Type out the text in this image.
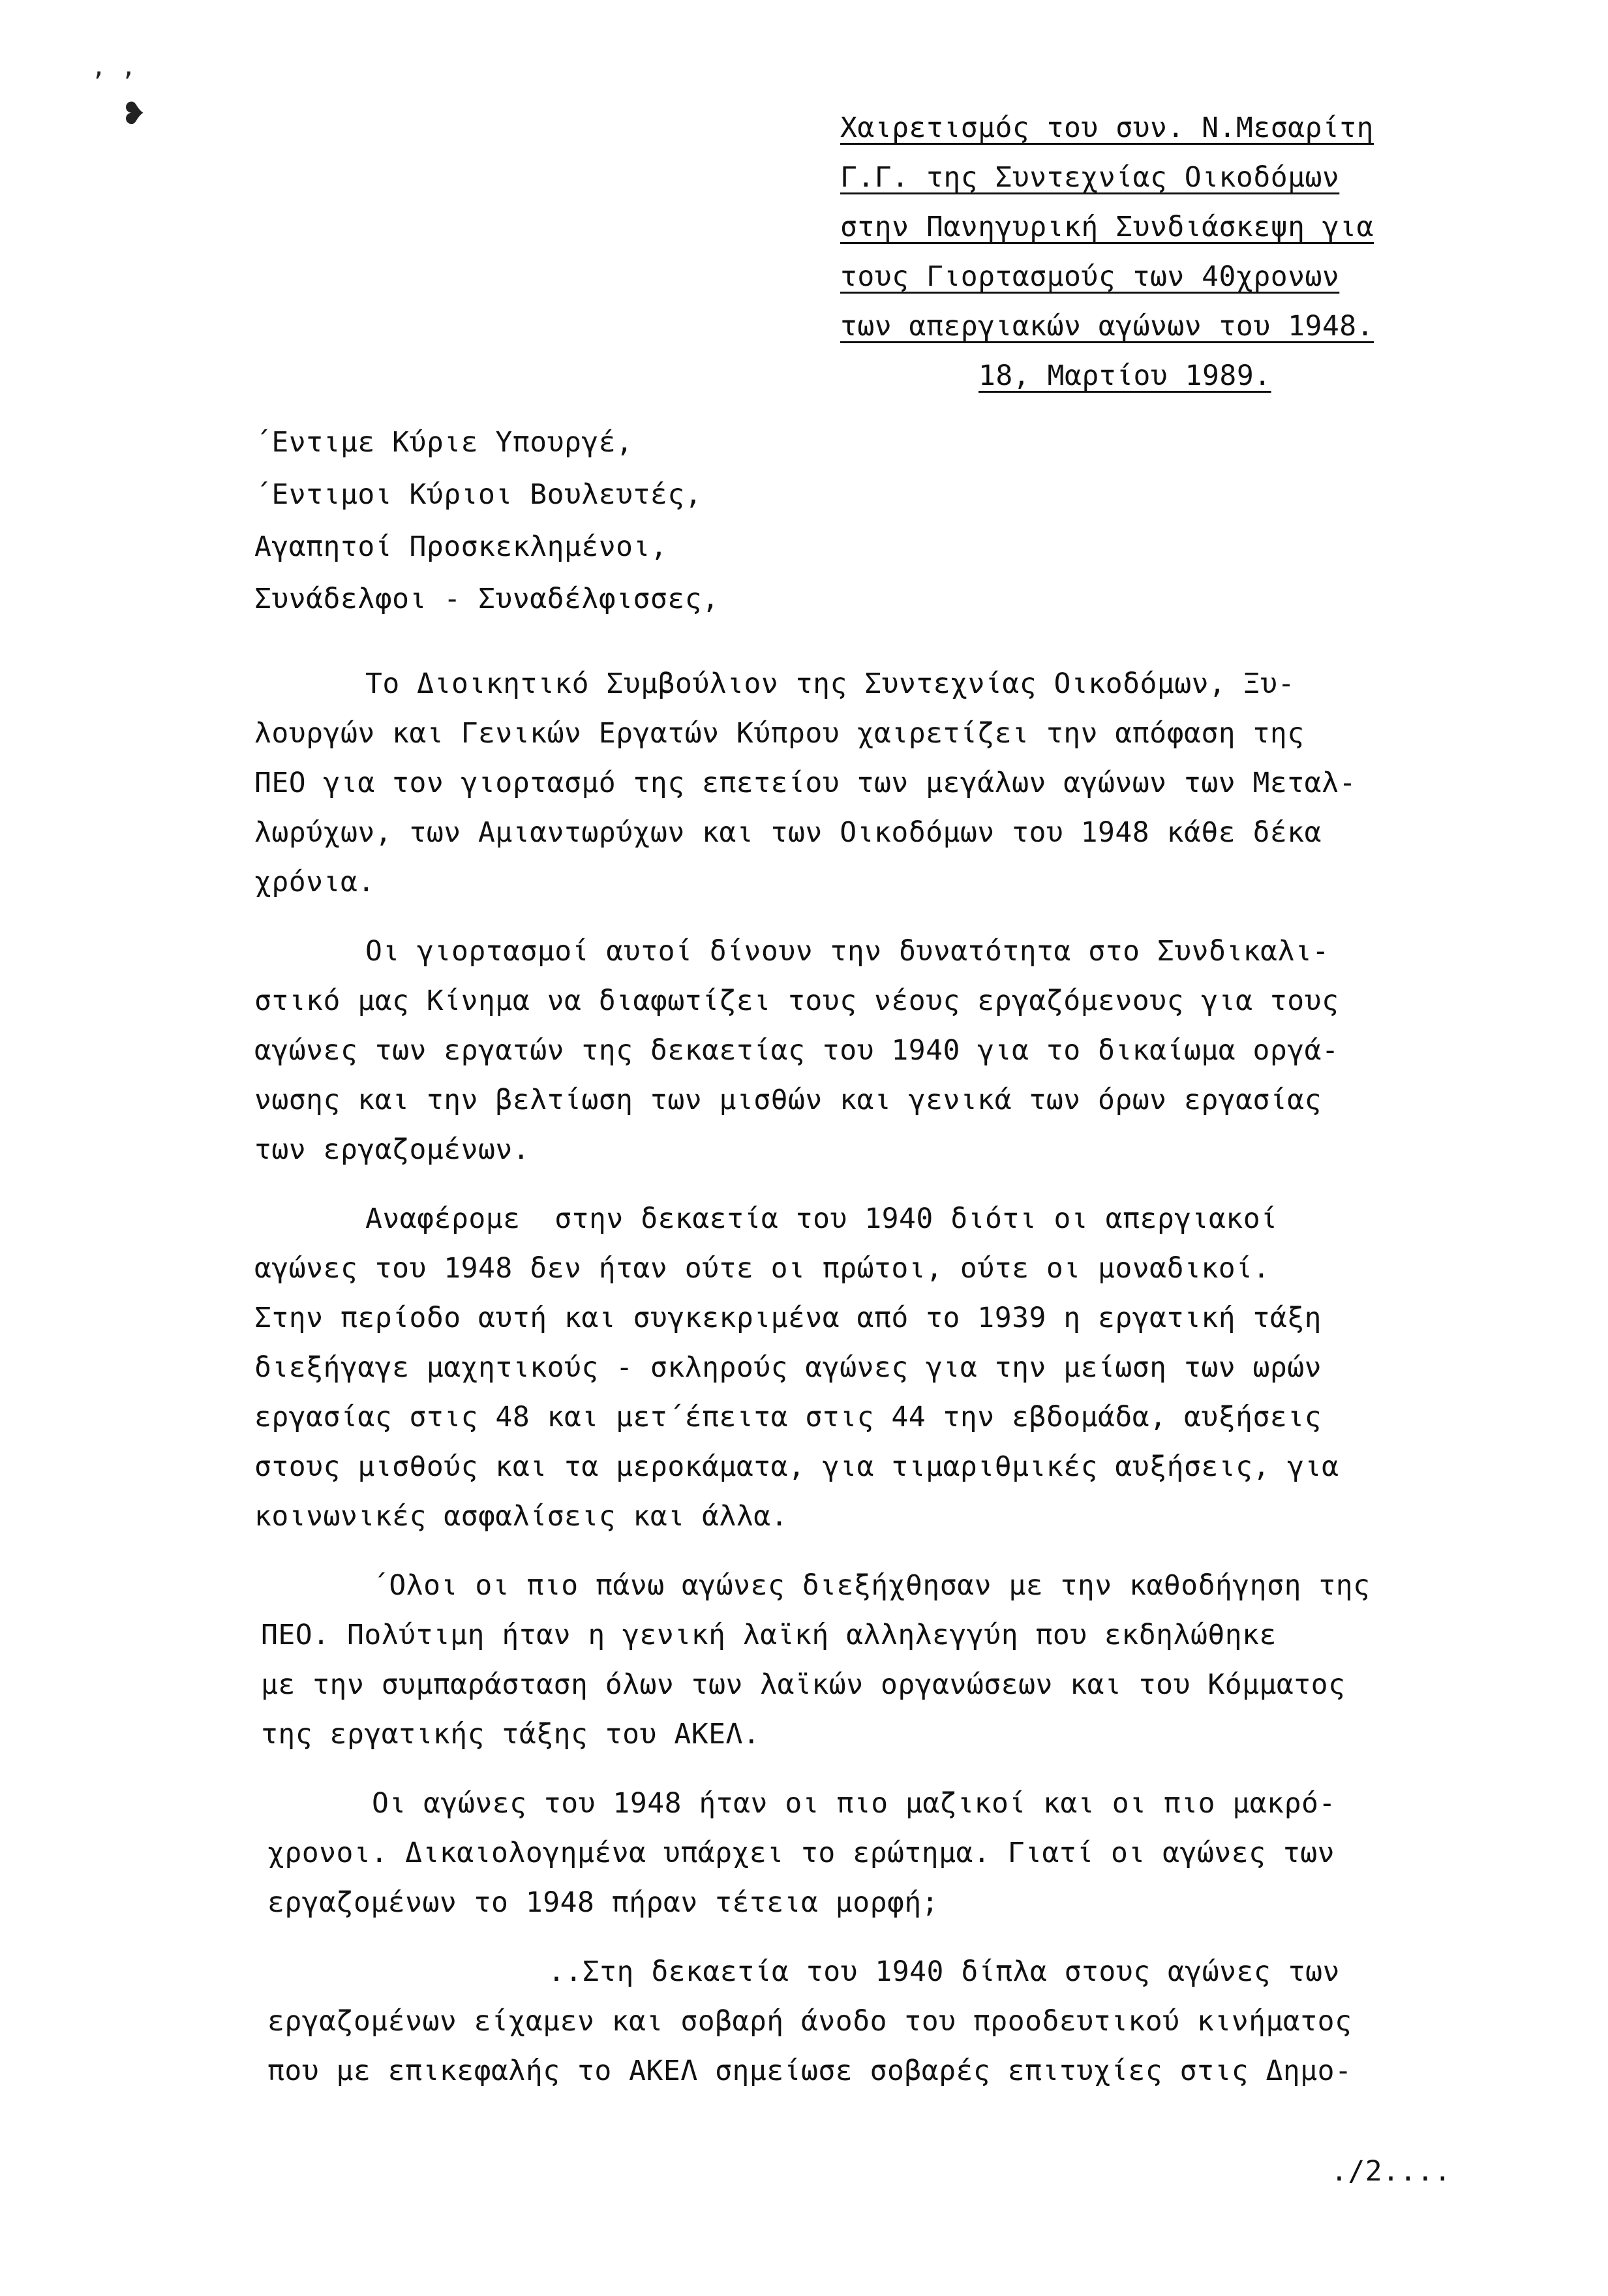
‚ ,
❥	Χαιρετισμός του συν. Ν.Μεσαρίτη
Γ.Γ. της Συντεχνίας Οικοδόμων
στην Πανηγυρική Συνδιάσκεψη για
τους Γιορτασμούς των 40χρονων
των απεργιακών αγώνων του 1948.
18, Μαρτίου 1989.
΄Εντιμε Κύριε Υπουργέ,
΄Εντιμοι Κύριοι Βουλευτές,
Αγαπητοί Προσκεκλημένοι,
Συνάδελφοι - Συναδέλφισσες,
Το Διοικητικό Συμβούλιον της Συντεχνίας Οικοδόμων, Ξυ-
λουργών και Γενικών Εργατών Κύπρου χαιρετίζει την απόφαση της
ΠΕΟ για τον γιορτασμό της επετείου των μεγάλων αγώνων των Μεταλ-
λωρύχων, των Αμιαντωρύχων και των Οικοδόμων του 1948 κάθε δέκα
χρόνια.
Οι γιορτασμοί αυτοί δίνουν την δυνατότητα στο Συνδικαλι-
στικό μας Κίνημα να διαφωτίζει τους νέους εργαζόμενους για τους
αγώνες των εργατών της δεκαετίας του 1940 για το δικαίωμα οργά-
νωσης και την βελτίωση των μισθών και γενικά των όρων εργασίας
των εργαζομένων.
Αναφέρομε  στην δεκαετία του 1940 διότι οι απεργιακοί
αγώνες του 1948 δεν ήταν ούτε οι πρώτοι, ούτε οι μοναδικοί.
Στην περίοδο αυτή και συγκεκριμένα από το 1939 η εργατική τάξη
διεξήγαγε μαχητικούς - σκληρούς αγώνες για την μείωση των ωρών
εργασίας στις 48 και μετ΄έπειτα στις 44 την εβδομάδα, αυξήσεις
στους μισθούς και τα μεροκάματα, για τιμαριθμικές αυξήσεις, για
κοινωνικές ασφαλίσεις και άλλα.
΄Ολοι οι πιο πάνω αγώνες διεξήχθησαν με την καθοδήγηση της
ΠΕΟ. Πολύτιμη ήταν η γενική λαϊκή αλληλεγγύη που εκδηλώθηκε
με την συμπαράσταση όλων των λαϊκών οργανώσεων και του Κόμματος
της εργατικής τάξης του ΑΚΕΛ.
Οι αγώνες του 1948 ήταν οι πιο μαζικοί και οι πιο μακρό-
χρονοι. Δικαιολογημένα υπάρχει το ερώτημα. Γιατί οι αγώνες των
εργαζομένων το 1948 πήραν τέτεια μορφή;
..Στη δεκαετία του 1940 δίπλα στους αγώνες των
εργαζομένων είχαμεν και σοβαρή άνοδο του προοδευτικού κινήματος
που με επικεφαλής το ΑΚΕΛ σημείωσε σοβαρές επιτυχίες στις Δημο-
./2....
